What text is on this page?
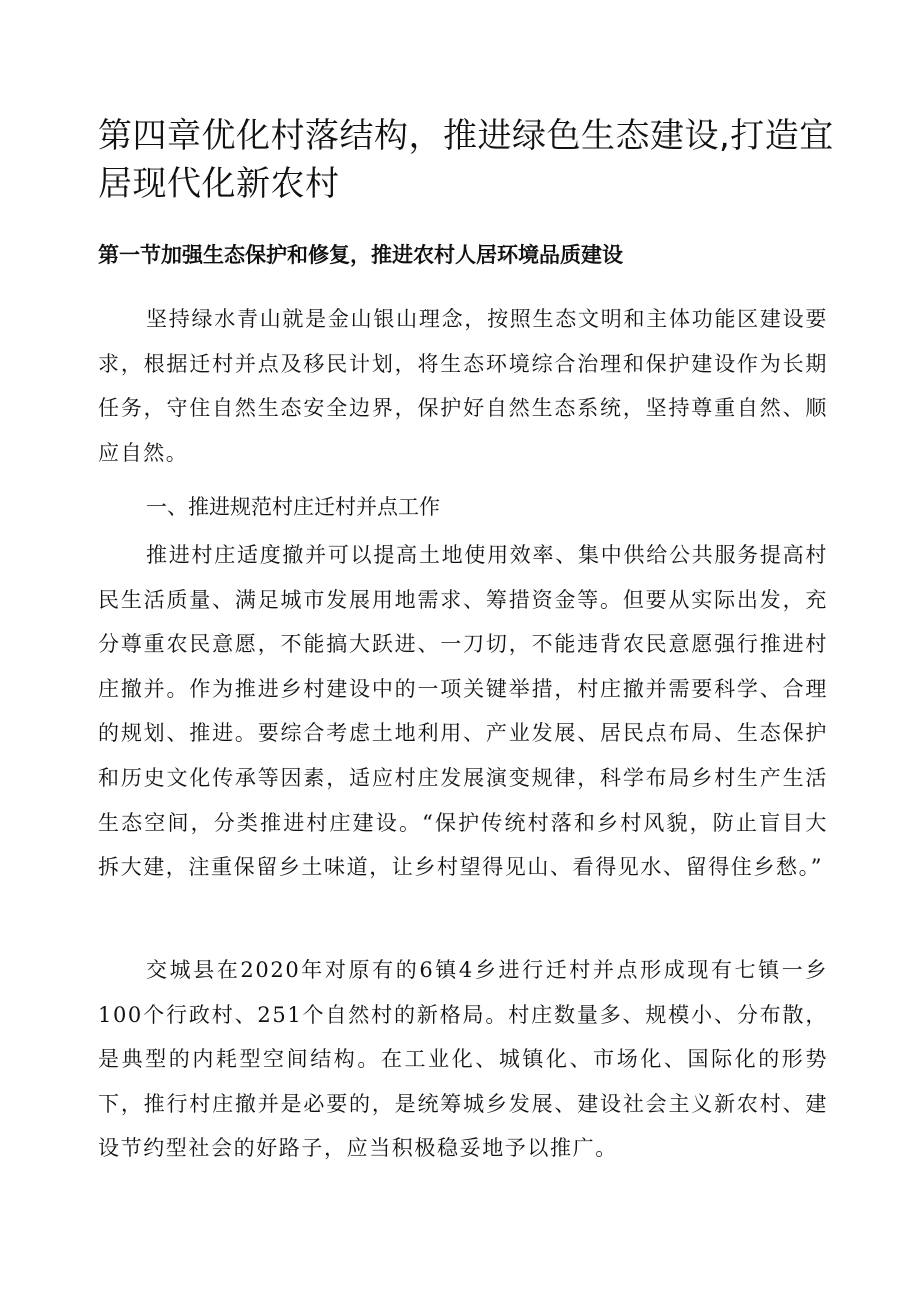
第四章优化村落结构，推进绿色生态建设,打造宜居现代化新农村
第一节加强生态保护和修复，推进农村人居环境品质建设

坚持绿水青山就是金山银山理念，按照生态文明和主体功能区建设要求，根据迁村并点及移民计划，将生态环境综合治理和保护建设作为长期任务，守住自然生态安全边界，保护好自然生态系统，坚持尊重自然、顺应自然。

一、推进规范村庄迁村并点工作

推进村庄适度撤并可以提高土地使用效率、集中供给公共服务提高村民生活质量、满足城市发展用地需求、筹措资金等。但要从实际出发，充分尊重农民意愿，不能搞大跃进、一刀切，不能违背农民意愿强行推进村庄撤并。作为推进乡村建设中的一项关键举措，村庄撤并需要科学、合理的规划、推进。要综合考虑土地利用、产业发展、居民点布局、生态保护和历史文化传承等因素，适应村庄发展演变规律，科学布局乡村生产生活生态空间，分类推进村庄建设。“保护传统村落和乡村风貌，防止盲目大拆大建，注重保留乡土味道，让乡村望得见山、看得见水、留得住乡愁。”

交城县在2020年对原有的6镇4乡进行迁村并点形成现有七镇一乡100个行政村、251个自然村的新格局。村庄数量多、规模小、分布散，是典型的内耗型空间结构。在工业化、城镇化、市场化、国际化的形势下，推行村庄撤并是必要的，是统筹城乡发展、建设社会主义新农村、建设节约型社会的好路子，应当积极稳妥地予以推广。
